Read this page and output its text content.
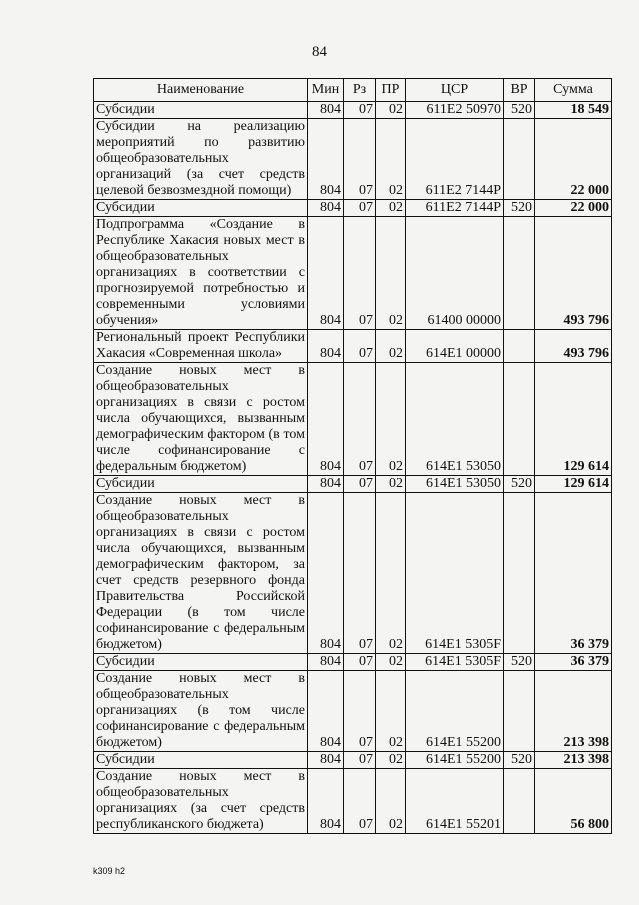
84
Наименование	Мин	Рз	ПР	ЦСР	ВР	Сумма
Субсидии	804	07	02	611Е2 50970	520	18 549
Субсидии на реализацию мероприятий по развитию общеобразовательных организаций (за счет средств целевой безвозмездной помощи)	804	07	02	611Е2 7144Р		22 000
Субсидии	804	07	02	611Е2 7144Р	520	22 000
Подпрограмма «Создание в Республике Хакасия новых мест в общеобразовательных организациях в соответствии с прогнозируемой потребностью и современными условиями обучения»	804	07	02	61400 00000		493 796
Региональный проект Республики Хакасия «Современная школа»	804	07	02	614Е1 00000		493 796
Создание новых мест в общеобразовательных организациях в связи с ростом числа обучающихся, вызванным демографическим фактором (в том числе софинансирование с федеральным бюджетом)	804	07	02	614Е1 53050		129 614
Субсидии	804	07	02	614Е1 53050	520	129 614
Создание новых мест в общеобразовательных организациях в связи с ростом числа обучающихся, вызванным демографическим фактором, за счет средств резервного фонда Правительства Российской Федерации (в том числе софинансирование с федеральным бюджетом)	804	07	02	614Е1 5305F		36 379
Субсидии	804	07	02	614Е1 5305F	520	36 379
Создание новых мест в общеобразовательных организациях (в том числе софинансирование с федеральным бюджетом)	804	07	02	614Е1 55200		213 398
Субсидии	804	07	02	614Е1 55200	520	213 398
Создание новых мест в общеобразовательных организациях (за счет средств республиканского бюджета)	804	07	02	614Е1 55201		56 800
k309 h2
